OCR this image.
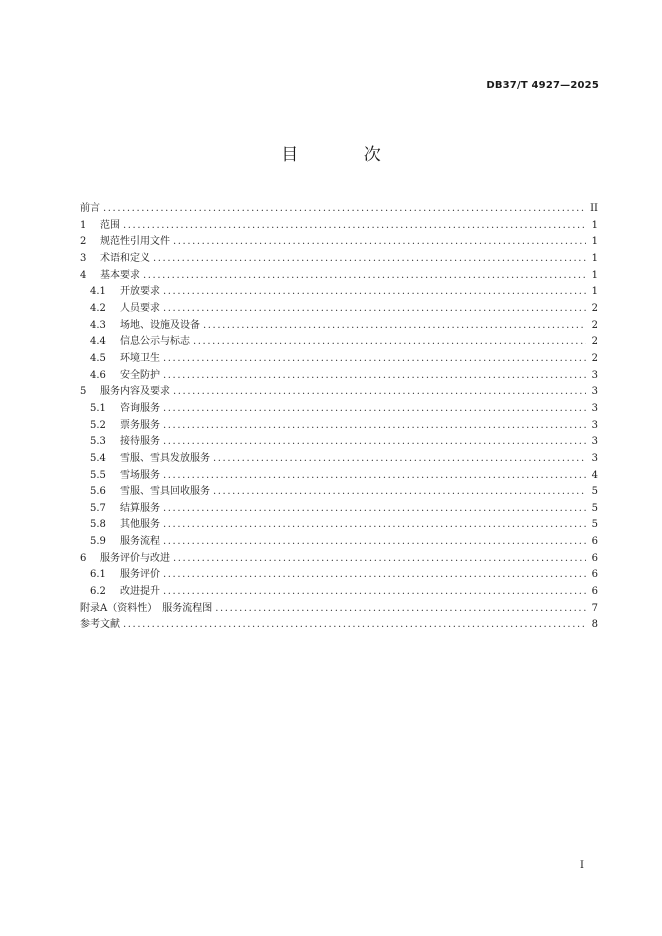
DB37/T 4927—2025
目 次
前言 .....	II
1	范围 .....	1
2	规范性引用文件 .....	1
3	术语和定义 .....	1
4	基本要求 .....	1
4.1	开放要求 .....	1
4.2	人员要求 .....	2
4.3	场地、设施及设备 .....	2
4.4	信息公示与标志 .....	2
4.5	环境卫生 .....	2
4.6	安全防护 .....	3
5	服务内容及要求 .....	3
5.1	咨询服务 .....	3
5.2	票务服务 .....	3
5.3	接待服务 .....	3
5.4	雪服、雪具发放服务 .....	3
5.5	雪场服务 .....	4
5.6	雪服、雪具回收服务 .....	5
5.7	结算服务 .....	5
5.8	其他服务 .....	5
5.9	服务流程 .....	6
6	服务评价与改进 .....	6
6.1	服务评价 .....	6
6.2	改进提升 .....	6
附录A（资料性）　服务流程图 .....	7
参考文献 .....	8
I
